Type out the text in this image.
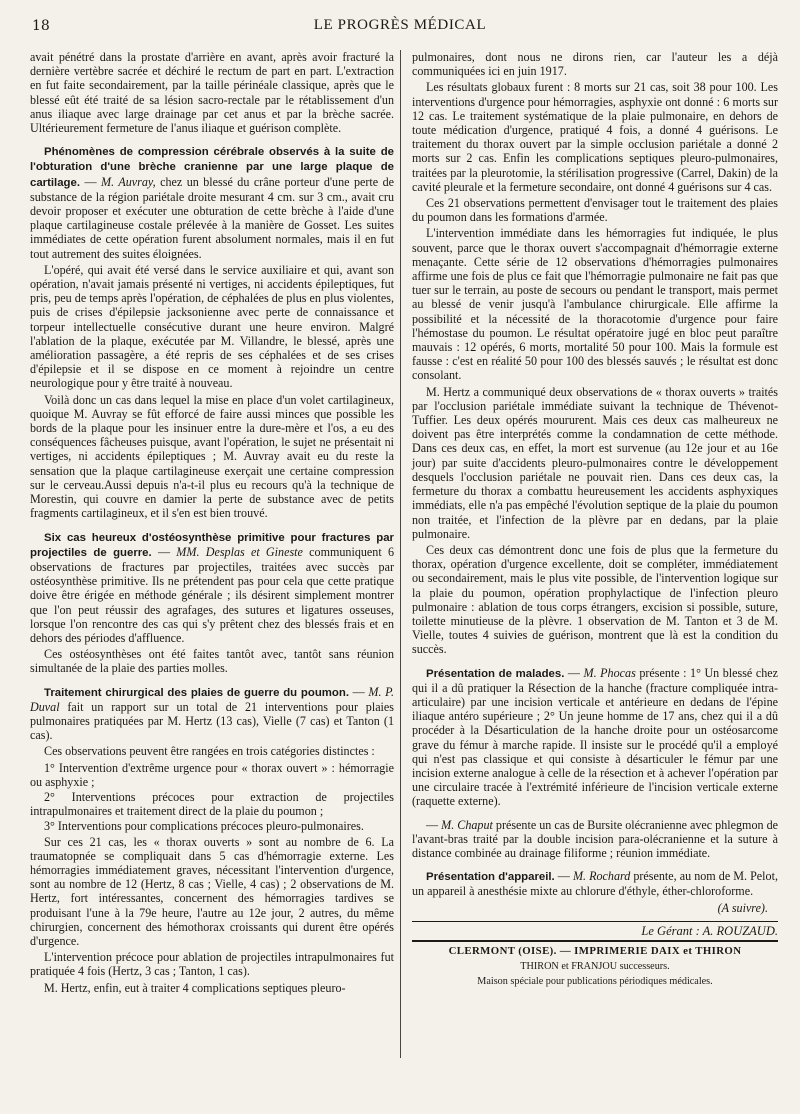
18	LE PROGRÈS MÉDICAL

avait pénétré dans la prostate d'arrière en avant, après avoir fracturé la dernière vertèbre sacrée et déchiré le rectum de part en part. L'extraction en fut faite secondairement, par la taille périnéale classique, après que le blessé eût été traité de sa lésion sacro-rectale par le rétablissement d'un anus iliaque avec large drainage par cet anus et par la brèche sacrée. Ultérieurement fermeture de l'anus iliaque et guérison complète.

Phénomènes de compression cérébrale observés à la suite de l'obturation d'une brèche cranienne par une large plaque de cartilage. — M. Auvray, chez un blessé du crâne porteur d'une perte de substance de la région pariétale droite mesurant 4 cm. sur 3 cm., avait cru devoir proposer et exécuter une obturation de cette brèche à l'aide d'une plaque cartilagineuse costale prélevée à la manière de Gosset. Les suites immédiates de cette opération furent absolument normales, mais il en fut tout autrement des suites éloignées.

L'opéré, qui avait été versé dans le service auxiliaire et qui, avant son opération, n'avait jamais présenté ni vertiges, ni accidents épileptiques, fut pris, peu de temps après l'opération, de céphalées de plus en plus violentes, puis de crises d'épilepsie jacksonienne avec perte de connaissance et torpeur intellectuelle consécutive durant une heure environ. Malgré l'ablation de la plaque, exécutée par M. Villandre, le blessé, après une amélioration passagère, a été repris de ses céphalées et de ses crises d'épilepsie et il se dispose en ce moment à rejoindre un centre neurologique pour y être traité à nouveau.

Voilà donc un cas dans lequel la mise en place d'un volet cartilagineux, quoique M. Auvray se fût efforcé de faire aussi minces que possible les bords de la plaque pour les insinuer entre la dure-mère et l'os, a eu des conséquences fâcheuses puisque, avant l'opération, le sujet ne présentait ni vertiges, ni accidents épileptiques ; M. Auvray avait eu du reste la sensation que la plaque cartilagineuse exerçait une certaine compression sur le cerveau.Aussi depuis n'a-t-il plus eu recours qu'à la technique de Morestin, qui couvre en damier la perte de substance avec de petits fragments cartilagineux, et il s'en est bien trouvé.

Six cas heureux d'ostéosynthèse primitive pour fractures par projectiles de guerre. — MM. Desplas et Gineste communiquent 6 observations de fractures par projectiles, traitées avec succès par ostéosynthèse primitive. Ils ne prétendent pas pour cela que cette pratique doive être érigée en méthode générale ; ils désirent simplement montrer que l'on peut réussir des agrafages, des sutures et ligatures osseuses, lorsque l'on rencontre des cas qui s'y prêtent chez des blessés frais et en dehors des périodes d'affluence.

Ces ostéosynthèses ont été faites tantôt avec, tantôt sans réunion simultanée de la plaie des parties molles.

Traitement chirurgical des plaies de guerre du poumon. — M. P. Duval fait un rapport sur un total de 21 interventions pour plaies pulmonaires pratiquées par M. Hertz (13 cas), Vielle (7 cas) et Tanton (1 cas).

Ces observations peuvent être rangées en trois catégories distinctes :

1° Intervention d'extrême urgence pour « thorax ouvert » : hémorragie ou asphyxie ;

2° Interventions précoces pour extraction de projectiles intrapulmonaires et traitement direct de la plaie du poumon ;

3° Interventions pour complications précoces pleuro-pulmonaires.

Sur ces 21 cas, les « thorax ouverts » sont au nombre de 6. La traumatopnée se compliquait dans 5 cas d'hémorragie externe. Les hémorragies immédiatement graves, nécessitant l'intervention d'urgence, sont au nombre de 12 (Hertz, 8 cas ; Vielle, 4 cas) ; 2 observations de M. Hertz, fort intéressantes, concernent des hémorragies tardives se produisant l'une à la 79e heure, l'autre au 12e jour, 2 autres, du même chirurgien, concernent des hémothorax croissants qui durent être opérés d'urgence.

L'intervention précoce pour ablation de projectiles intrapulmonaires fut pratiquée 4 fois (Hertz, 3 cas ; Tanton, 1 cas).

M. Hertz, enfin, eut à traiter 4 complications septiques pleuro-

pulmonaires, dont nous ne dirons rien, car l'auteur les a déjà communiquées ici en juin 1917.

Les résultats globaux furent : 8 morts sur 21 cas, soit 38 pour 100. Les interventions d'urgence pour hémorragies, asphyxie ont donné : 6 morts sur 12 cas. Le traitement systématique de la plaie pulmonaire, en dehors de toute médication d'urgence, pratiqué 4 fois, a donné 4 guérisons. Le traitement du thorax ouvert par la simple occlusion pariétale a donné 2 morts sur 2 cas. Enfin les complications septiques pleuro-pulmonaires, traitées par la pleurotomie, la stérilisation progressive (Carrel, Dakin) de la cavité pleurale et la fermeture secondaire, ont donné 4 guérisons sur 4 cas.

Ces 21 observations permettent d'envisager tout le traitement des plaies du poumon dans les formations d'armée.

L'intervention immédiate dans les hémorragies fut indiquée, le plus souvent, parce que le thorax ouvert s'accompagnait d'hémorragie externe menaçante. Cette série de 12 observations d'hémorragies pulmonaires affirme une fois de plus ce fait que l'hémorragie pulmonaire ne fait pas que tuer sur le terrain, au poste de secours ou pendant le transport, mais permet au blessé de venir jusqu'à l'ambulance chirurgicale. Elle affirme la possibilité et la nécessité de la thoracotomie d'urgence pour faire l'hémostase du poumon. Le résultat opératoire jugé en bloc peut paraître mauvais : 12 opérés, 6 morts, mortalité 50 pour 100. Mais la formule est fausse : c'est en réalité 50 pour 100 des blessés sauvés ; le résultat est donc consolant.

M. Hertz a communiqué deux observations de « thorax ouverts » traités par l'occlusion pariétale immédiate suivant la technique de Thévenot-Tuffier. Les deux opérés moururent. Mais ces deux cas malheureux ne doivent pas être interprétés comme la condamnation de cette méthode. Dans ces deux cas, en effet, la mort est survenue (au 12e jour et au 16e jour) par suite d'accidents pleuro-pulmonaires contre le développement desquels l'occlusion pariétale ne pouvait rien. Dans ces deux cas, la fermeture du thorax a combattu heureusement les accidents asphyxiques immédiats, elle n'a pas empêché l'évolution septique de la plaie du poumon non traitée, et l'infection de la plèvre par en dedans, par la plaie pulmonaire.

Ces deux cas démontrent donc une fois de plus que la fermeture du thorax, opération d'urgence excellente, doit se compléter, immédiatement ou secondairement, mais le plus vite possible, de l'intervention logique sur la plaie du poumon, opération prophylactique de l'infection pleuro pulmonaire : ablation de tous corps étrangers, excision si possible, suture, toilette minutieuse de la plèvre. 1 observation de M. Tanton et 3 de M. Vielle, toutes 4 suivies de guérison, montrent que là est la condition du succès.

Présentation de malades. — M. Phocas présente : 1° Un blessé chez qui il a dû pratiquer la Résection de la hanche (fracture compliquée intra-articulaire) par une incision verticale et antérieure en dedans de l'épine iliaque antéro supérieure ; 2° Un jeune homme de 17 ans, chez qui il a dû procéder à la Désarticulation de la hanche droite pour un ostéosarcome grave du fémur à marche rapide. Il insiste sur le procédé qu'il a employé qui n'est pas classique et qui consiste à désarticuler le fémur par une incision externe analogue à celle de la résection et à achever l'opération par une circulaire tracée à l'extrémité inférieure de l'incision verticale externe (raquette externe).

— M. Chaput présente un cas de Bursite olécranienne avec phlegmon de l'avant-bras traité par la double incision para-olécranienne et la suture à distance combinée au drainage filiforme ; réunion immédiate.

Présentation d'appareil. — M. Rochard présente, au nom de M. Pelot, un appareil à anesthésie mixte au chlorure d'éthyle, éther-chloroforme.

(A suivre).

Le Gérant : A. ROUZAUD.

CLERMONT (OISE). — IMPRIMERIE DAIX et THIRON

THIRON et FRANJOU successeurs.

Maison spéciale pour publications périodiques médicales.
